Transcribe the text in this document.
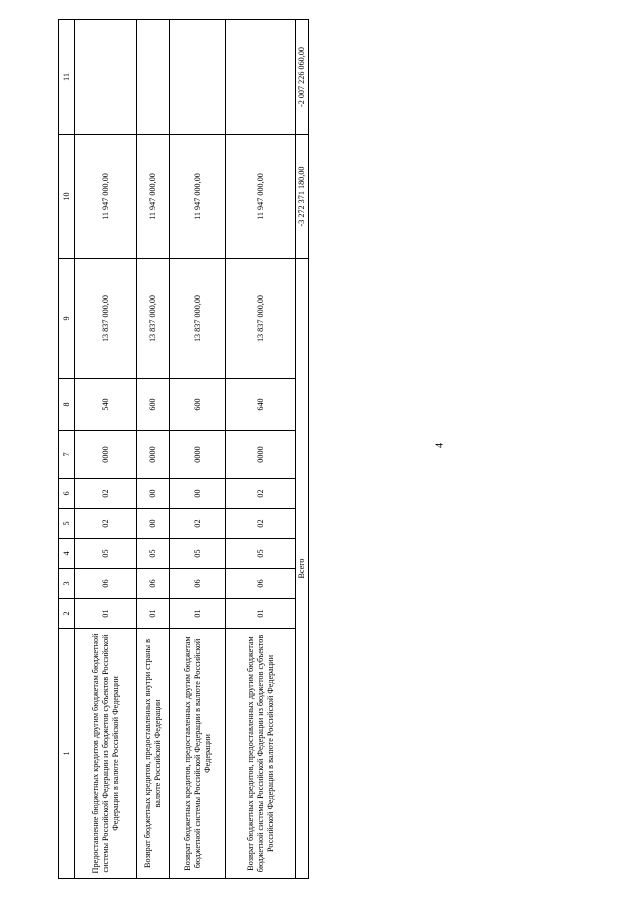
4
1	2	3	4	5	6	7	8	9	10	11
Предоставление бюджетных кредитов другим бюджетам бюджетной системы Российской Федерации из бюджетов субъектов Российской Федерации в валюте Российской Федерации	01	06	05	02	02	0000	540	13 837 000,00	11 947 000,00	
Возврат бюджетных кредитов, предоставленных внутри страны в валюте Российской Федерации	01	06	05	00	00	0000	600	13 837 000,00	11 947 000,00	
Возврат бюджетных кредитов, предоставленных другим бюджетам бюджетной системы Российской Федерации в валюте Российской Федерации	01	06	05	02	00	0000	600	13 837 000,00	11 947 000,00	
Возврат бюджетных кредитов, предоставленных другим бюджетам бюджетной системы Российской Федерации из бюджетов субъектов Российской Федерации в валюте Российской Федерации	01	06	05	02	02	0000	640	13 837 000,00	11 947 000,00	
Всего									-3 272 371 180,00	-2 007 226 060,00
